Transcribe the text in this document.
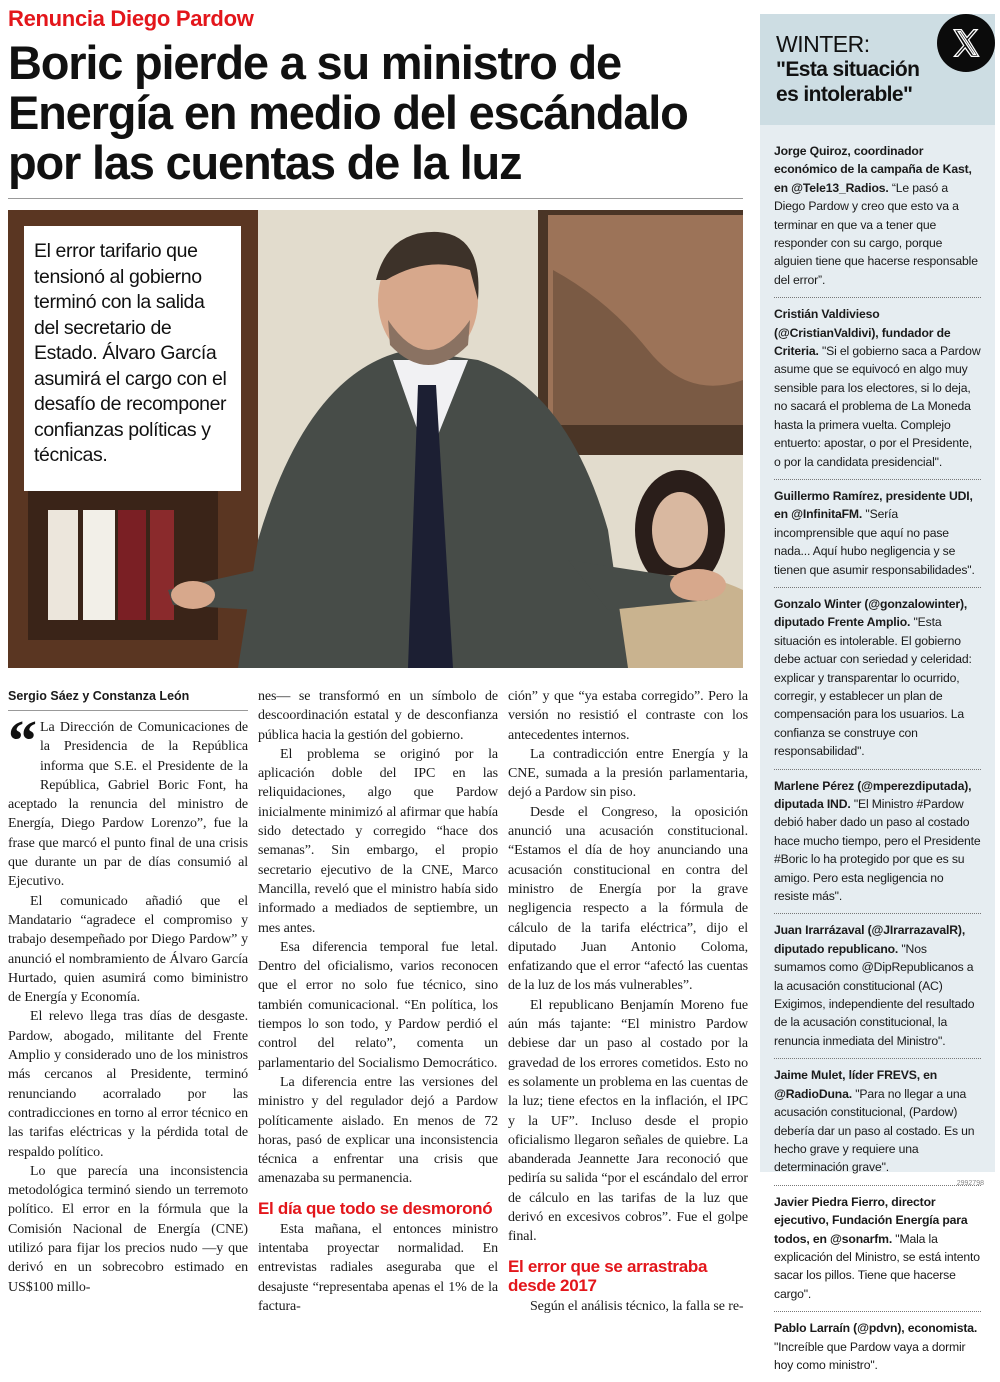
Renuncia Diego Pardow
Boric pierde a su ministro de Energía en medio del escándalo por las cuentas de la luz
El error tarifario que tensionó al gobierno terminó con la salida del secretario de Estado. Álvaro García asumirá el cargo con el desafío de recomponer confianzas políticas y técnicas.
Sergio Sáez y Constanza León
“ La Dirección de Comunicaciones de la Presidencia de la República informa que S.E. el Presidente de la República, Gabriel Boric Font, ha aceptado la renuncia del ministro de Energía, Diego Pardow Lorenzo”, fue la frase que marcó el punto final de una crisis que durante un par de días consumió al Ejecutivo.

El comunicado añadió que el Mandatario “agradece el compromiso y trabajo desempeñado por Diego Pardow” y anunció el nombramiento de Álvaro García Hurtado, quien asumirá como biministro de Energía y Economía.

El relevo llega tras días de desgaste. Pardow, abogado, militante del Frente Amplio y considerado uno de los ministros más cercanos al Presidente, terminó renunciando acorralado por las contradicciones en torno al error técnico en las tarifas eléctricas y la pérdida total de respaldo político.

Lo que parecía una inconsistencia metodológica terminó siendo un terremoto político. El error en la fórmula que la Comisión Nacional de Energía (CNE) utilizó para fijar los precios nudo —y que derivó en un sobrecobro estimado en US$100 millo-

nes— se transformó en un símbolo de descoordinación estatal y de desconfianza pública hacia la gestión del gobierno.

El problema se originó por la aplicación doble del IPC en las reliquidaciones, algo que Pardow inicialmente minimizó al afirmar que había sido detectado y corregido “hace dos semanas”. Sin embargo, el propio secretario ejecutivo de la CNE, Marco Mancilla, reveló que el ministro había sido informado a mediados de septiembre, un mes antes.

Esa diferencia temporal fue letal. Dentro del oficialismo, varios reconocen que el error no solo fue técnico, sino también comunicacional. “En política, los tiempos lo son todo, y Pardow perdió el control del relato”, comenta un parlamentario del Socialismo Democrático.

La diferencia entre las versiones del ministro y del regulador dejó a Pardow políticamente aislado. En menos de 72 horas, pasó de explicar una inconsistencia técnica a enfrentar una crisis que amenazaba su permanencia.

El día que todo se desmoronó

Esta mañana, el entonces ministro intentaba proyectar normalidad. En entrevistas radiales aseguraba que el desajuste “representaba apenas el 1% de la factura-

ción” y que “ya estaba corregido”. Pero la versión no resistió el contraste con los antecedentes internos.

La contradicción entre Energía y la CNE, sumada a la presión parlamentaria, dejó a Pardow sin piso.

Desde el Congreso, la oposición anunció una acusación constitucional. “Estamos el día de hoy anunciando una acusación constitucional en contra del ministro de Energía por la grave negligencia respecto a la fórmula de cálculo de la tarifa eléctrica”, dijo el diputado Juan Antonio Coloma, enfatizando que el error “afectó las cuentas de la luz de los más vulnerables”.

El republicano Benjamín Moreno fue aún más tajante: “El ministro Pardow debiese dar un paso al costado por la gravedad de los errores cometidos. Esto no es solamente un problema en las cuentas de la luz; tiene efectos en la inflación, el IPC y la UF”. Incluso desde el propio oficialismo llegaron señales de quiebre. La abanderada Jeannette Jara reconoció que pediría su salida “por el escándalo del error de cálculo en las tarifas de la luz que derivó en excesivos cobros”. Fue el golpe final.

El error que se arrastraba desde 2017

Según el análisis técnico, la falla se re-

WINTER:
"Esta situación es intolerable"
Jorge Quiroz, coordinador económico de la campaña de Kast, en @Tele13_Radios. “Le pasó a Diego Pardow y creo que esto va a terminar en que va a tener que responder con su cargo, porque alguien tiene que hacerse responsable del error”.
Cristián Valdivieso (@CristianValdivi), fundador de Criteria. "Si el gobierno saca a Pardow asume que se equivocó en algo muy sensible para los electores, si lo deja, no sacará el problema de La Moneda hasta la primera vuelta. Complejo entuerto: apostar, o por el Presidente, o por la candidata presidencial".
Guillermo Ramírez, presidente UDI, en @InfinitaFM. "Sería incomprensible que aquí no pase nada... Aquí hubo negligencia y se tienen que asumir responsabilidades".
Gonzalo Winter (@gonzalowinter), diputado Frente Amplio. "Esta situación es intolerable. El gobierno debe actuar con seriedad y celeridad: explicar y transparentar lo ocurrido, corregir, y establecer un plan de compensación para los usuarios. La confianza se construye con responsabilidad".
Marlene Pérez (@mperezdiputada), diputada IND. "El Ministro #Pardow debió haber dado un paso al costado hace mucho tiempo, pero el Presidente #Boric lo ha protegido por que es su amigo. Pero esta negligencia no resiste más".
Juan Irarrázaval (@JIrarrazavalR), diputado republicano. "Nos sumamos como @DipRepublicanos a la acusación constitucional (AC) Exigimos, independiente del resultado de la acusación constitucional, la renuncia inmediata del Ministro".
Jaime Mulet, líder FREVS, en @RadioDuna. "Para no llegar a una acusación constitucional, (Pardow) debería dar un paso al costado. Es un hecho grave y requiere una determinación grave".
Javier Piedra Fierro, director ejecutivo, Fundación Energía para todos, en @sonarfm. "Mala la explicación del Ministro, se está intento sacar los pillos. Tiene que hacerse cargo".
Pablo Larraín (@pdvn), economista. "Increíble que Pardow vaya a dormir hoy como ministro".
2992798
